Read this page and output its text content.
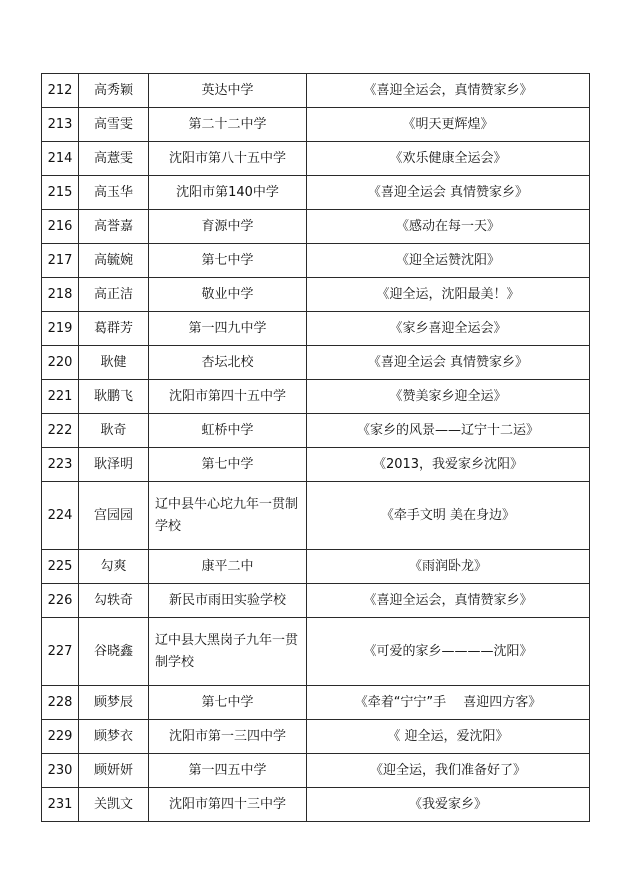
212	高秀颖	英达中学	《喜迎全运会，真情赞家乡》
213	高雪雯	第二十二中学	《明天更辉煌》
214	高薏雯	沈阳市第八十五中学	《欢乐健康全运会》
215	高玉华	沈阳市第140中学	《喜迎全运会 真情赞家乡》
216	高誉嘉	育源中学	《感动在每一天》
217	高毓婉	第七中学	《迎全运赞沈阳》
218	高正洁	敬业中学	《迎全运，沈阳最美！》
219	葛群芳	第一四九中学	《家乡喜迎全运会》
220	耿健	杏坛北校	《喜迎全运会 真情赞家乡》
221	耿鹏飞	沈阳市第四十五中学	《赞美家乡迎全运》
222	耿奇	虹桥中学	《家乡的风景——辽宁十二运》
223	耿泽明	第七中学	《2013，我爱家乡沈阳》
224	宫园园	辽中县牛心坨九年一贯制学校	《牵手文明 美在身边》
225	勾爽	康平二中	《雨润卧龙》
226	勾轶奇	新民市雨田实验学校	《喜迎全运会，真情赞家乡》
227	谷晓鑫	辽中县大黑岗子九年一贯制学校	《可爱的家乡————沈阳》
228	顾梦辰	第七中学	《牵着“宁宁”手　 喜迎四方客》
229	顾梦衣	沈阳市第一三四中学	《 迎全运，爱沈阳》
230	顾妍妍	第一四五中学	《迎全运，我们准备好了》
231	关凯文	沈阳市第四十三中学	《我爱家乡》
